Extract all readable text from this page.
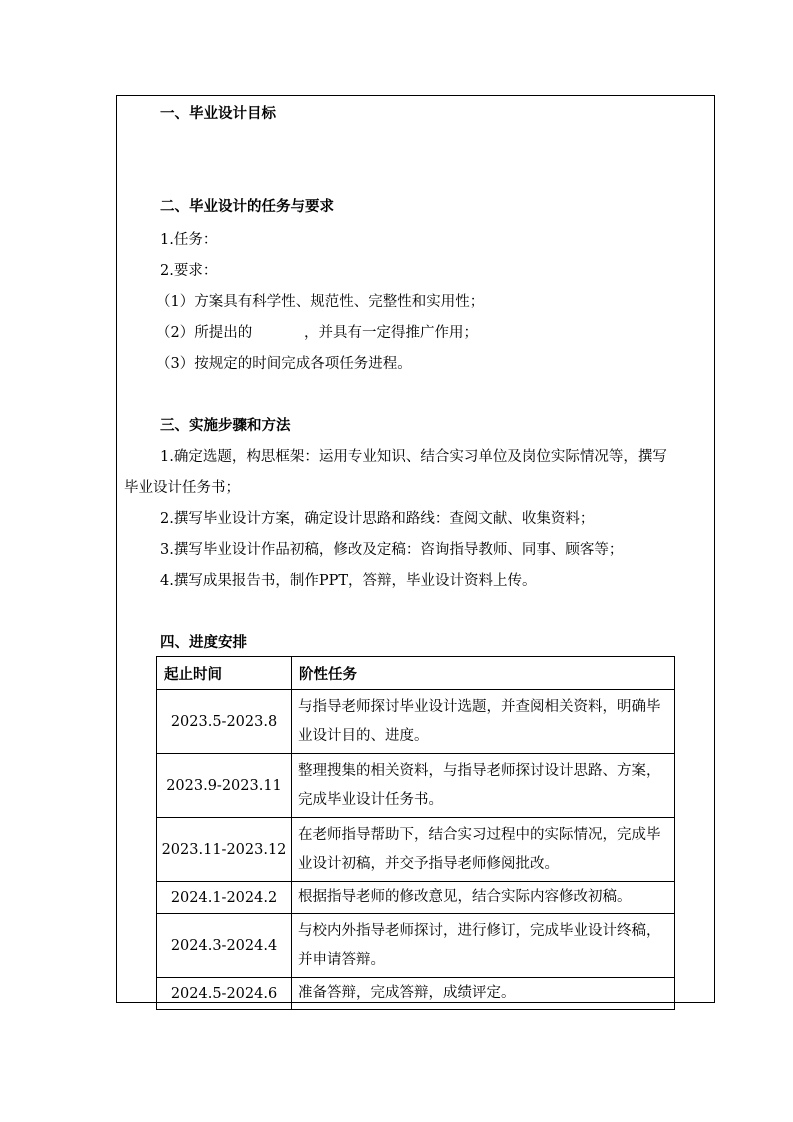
一、毕业设计目标
二、毕业设计的任务与要求
1.任务：
2.要求：
（1）方案具有科学性、规范性、完整性和实用性；
（2）所提出的	，并具有一定得推广作用；
（3）按规定的时间完成各项任务进程。
三、实施步骤和方法
1.确定选题，构思框架：运用专业知识、结合实习单位及岗位实际情况等，撰写
毕业设计任务书；
2.撰写毕业设计方案，确定设计思路和路线：查阅文献、收集资料；
3.撰写毕业设计作品初稿，修改及定稿：咨询指导教师、同事、顾客等；
4.撰写成果报告书，制作PPT，答辩，毕业设计资料上传。
四、进度安排
起止时间	阶性任务
2023.5-2023.8	与指导老师探讨毕业设计选题，并查阅相关资料，明确毕业设计目的、进度。
2023.9-2023.11	整理搜集的相关资料，与指导老师探讨设计思路、方案，完成毕业设计任务书。
2023.11-2023.12	在老师指导帮助下，结合实习过程中的实际情况，完成毕业设计初稿，并交予指导老师修阅批改。
2024.1-2024.2	根据指导老师的修改意见，结合实际内容修改初稿。
2024.3-2024.4	与校内外指导老师探讨，进行修订，完成毕业设计终稿，并申请答辩。
2024.5-2024.6	准备答辩，完成答辩，成绩评定。
